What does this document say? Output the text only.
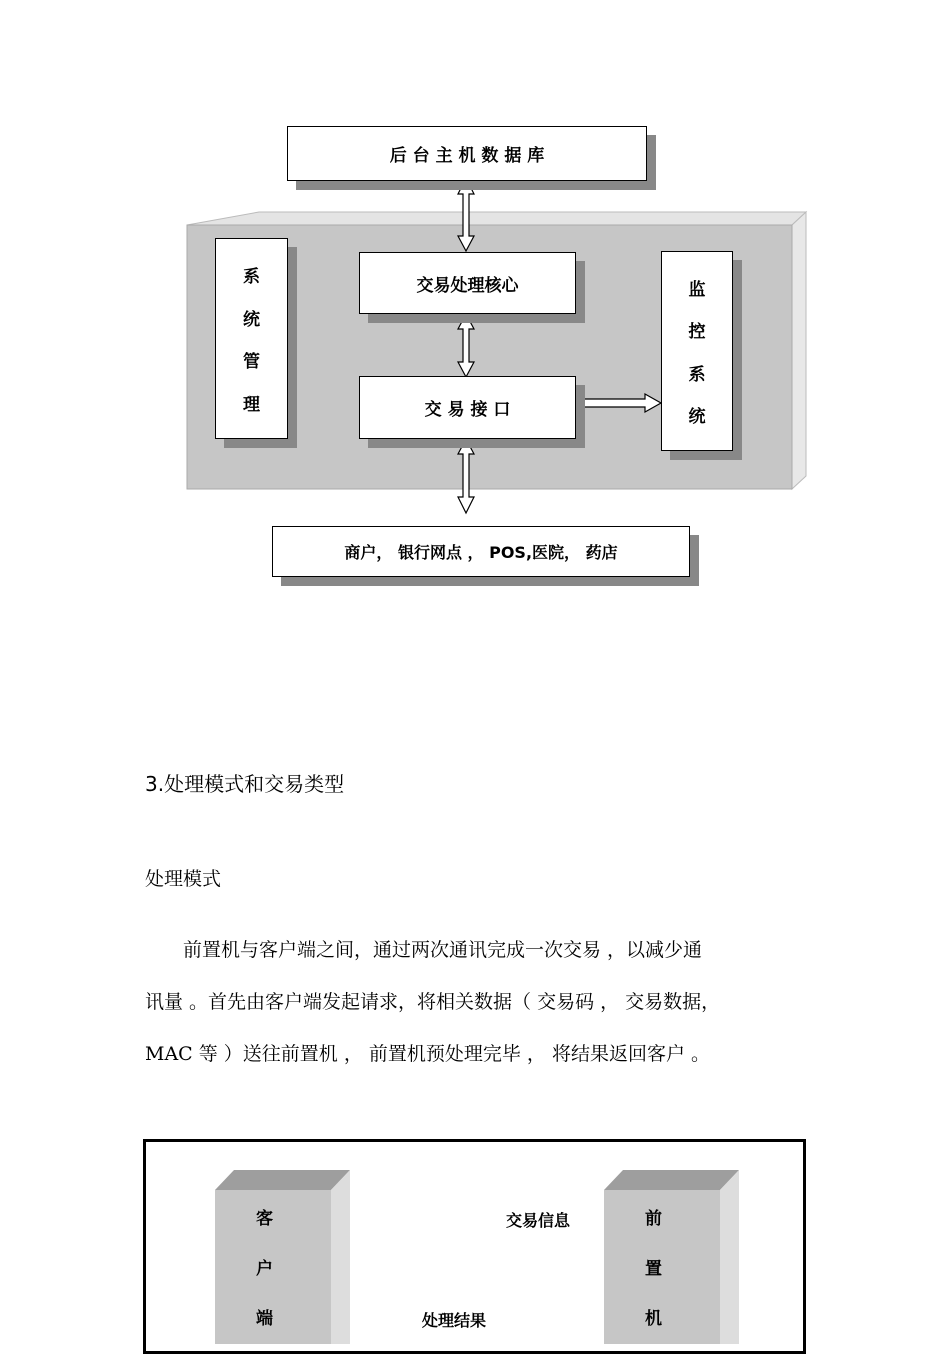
后 台 主 机 数 据 库
交易处理核心
交 易 接 口
系
统
管
理
监
控
系
统
商户， 银行网点 ， POS,医院， 药店
3.处理模式和交易类型
处理模式
　　前置机与客户端之间，通过两次通讯完成一次交易 ，以减少通
讯量 。首先由客户端发起请求，将相关数据（ 交易码 ， 交易数据，
MAC 等 ）送往前置机 ， 前置机预处理完毕 ， 将结果返回客户 。
客
户
端
前
置
机
交易信息
处理结果
